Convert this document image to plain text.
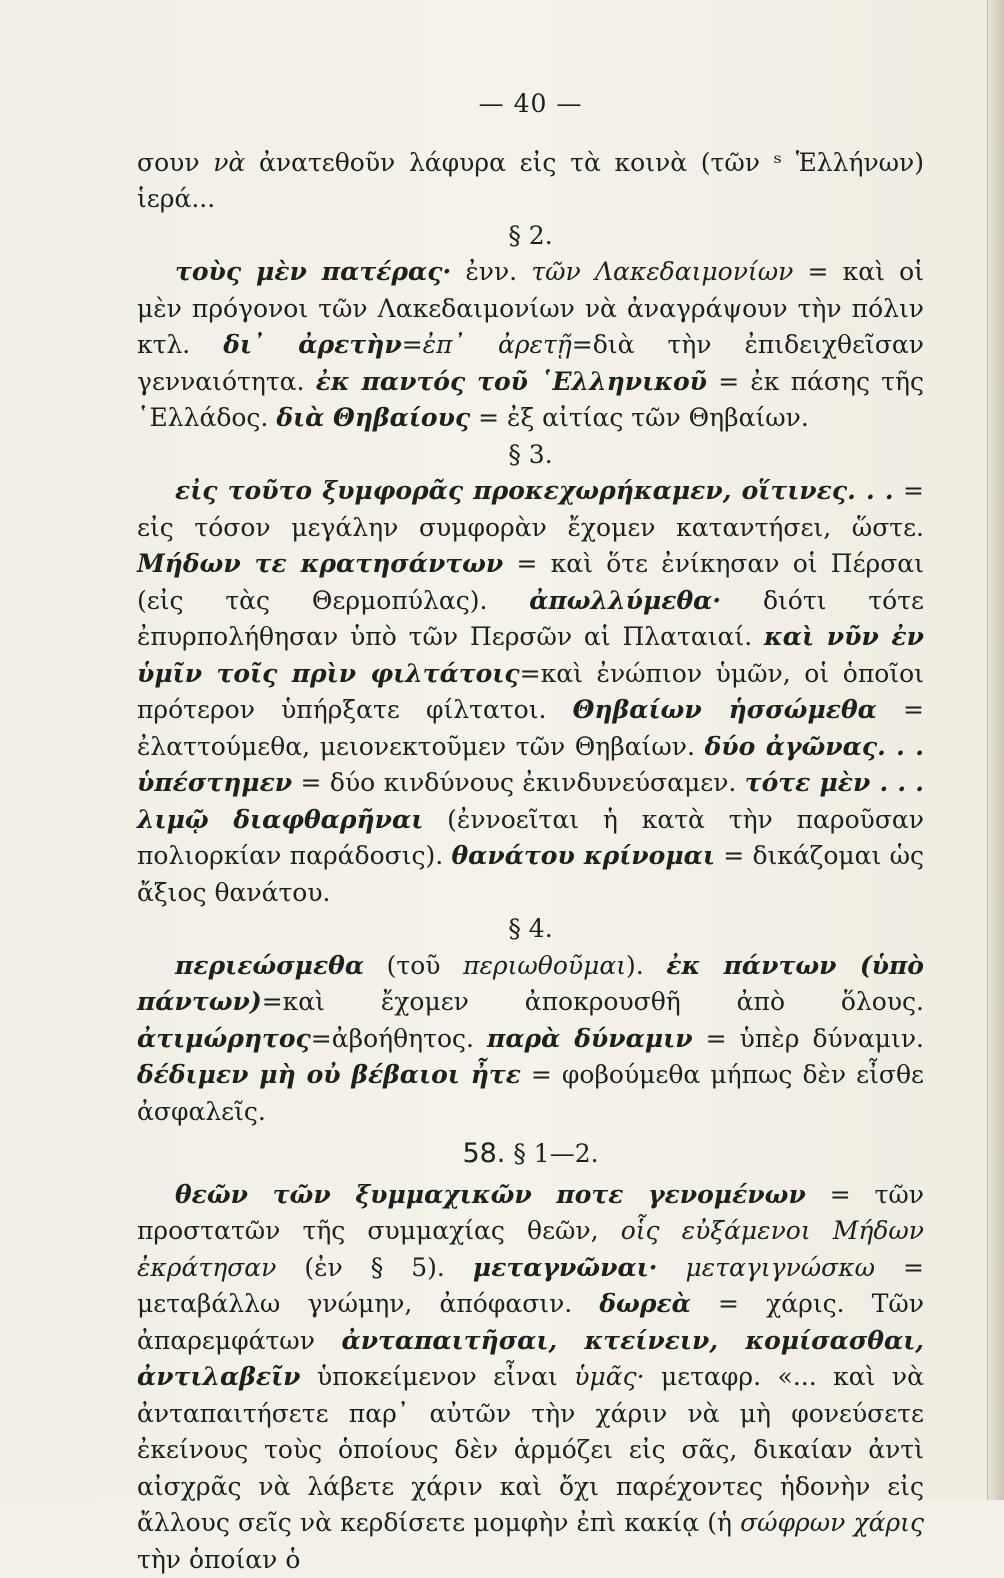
— 40 —
σουν νὰ ἀνατεθοῦν λάφυρα εἰς τὰ κοινὰ (τῶν ˢ Ἑλλήνων) ἱερά...
§ 2.
τοὺς μὲν πατέρας· ἐνν. τῶν Λακεδαιμονίων = καὶ οἱ μὲν πρόγονοι τῶν Λακεδαιμονίων νὰ ἀναγράψουν τὴν πόλιν κτλ. δι᾽ ἀρετὴν=ἐπ᾽ ἀρετῇ=διὰ τὴν ἐπιδειχθεῖσαν γενναιότητα. ἐκ παντός τοῦ ῾Ελληνικοῦ = ἐκ πάσης τῆς ῾Ελλάδος. διὰ Θηβαίους = ἐξ αἰτίας τῶν Θηβαίων.
§ 3.
εἰς τοῦτο ξυμφορᾶς προκεχωρήκαμεν, οἵτινες. . . = εἰς τόσον μεγάλην συμφορὰν ἔχομεν καταντήσει, ὥστε. Μήδων τε κρατησάντων = καὶ ὅτε ἐνίκησαν οἱ Πέρσαι (εἰς τὰς Θερμοπύλας). ἀπωλλύμεθα· διότι τότε ἐπυρπολήθησαν ὑπὸ τῶν Περσῶν αἱ Πλαταιαί. καὶ νῦν ἐν ὑμῖν τοῖς πρὶν φιλτάτοις=καὶ ἐνώπιον ὑμῶν, οἱ ὁποῖοι πρότερον ὑπήρξατε φίλτατοι. Θηβαίων ἡσσώμεθα = ἐλαττούμεθα, μειονεκτοῦμεν τῶν Θηβαίων. δύο ἀγῶνας. . . ὑπέστημεν = δύο κινδύνους ἐκινδυνεύσαμεν. τότε μὲν . . . λιμῷ διαφθαρῆναι (ἐννοεῖται ἡ κατὰ τὴν παροῦσαν πολιορκίαν παράδοσις). θανάτου κρίνομαι = δικάζομαι ὡς ἄξιος θανάτου.
§ 4.
περιεώσμεθα (τοῦ περιωθοῦμαι). ἐκ πάντων (ὑπὸ πάντων)=καὶ ἔχομεν ἀποκρουσθῆ ἀπὸ ὅλους. ἀτιμώρητος=ἀβοήθητος. παρὰ δύναμιν = ὑπὲρ δύναμιν. δέδιμεν μὴ οὐ βέβαιοι ἦτε = φοβούμεθα μήπως δὲν εἶσθε ἀσφαλεῖς.
58. § 1—2.
θεῶν τῶν ξυμμαχικῶν ποτε γενομένων = τῶν προστατῶν τῆς συμμαχίας θεῶν, οἷς εὐξάμενοι Μήδων ἐκράτησαν (ἐν § 5). μεταγνῶναι· μεταγιγνώσκω = μεταβάλλω γνώμην, ἀπόφασιν. δωρεὰ = χάρις. Τῶν ἀπαρεμφάτων ἀνταπαιτῆσαι, κτείνειν, κομίσασθαι, ἀντιλαβεῖν ὑποκείμενον εἶναι ὑμᾶς· μεταφρ. «... καὶ νὰ ἀνταπαιτήσετε παρ᾽ αὐτῶν τὴν χάριν νὰ μὴ φονεύσετε ἐκείνους τοὺς ὁποίους δὲν ἁρμόζει εἰς σᾶς, δικαίαν ἀντὶ αἰσχρᾶς νὰ λάβετε χάριν καὶ ὄχι παρέχοντες ἡδονὴν εἰς ἄλλους σεῖς νὰ κερδίσετε μομφὴν ἐπὶ κακίᾳ (ἡ σώφρων χάρις τὴν ὁποίαν ὁ
